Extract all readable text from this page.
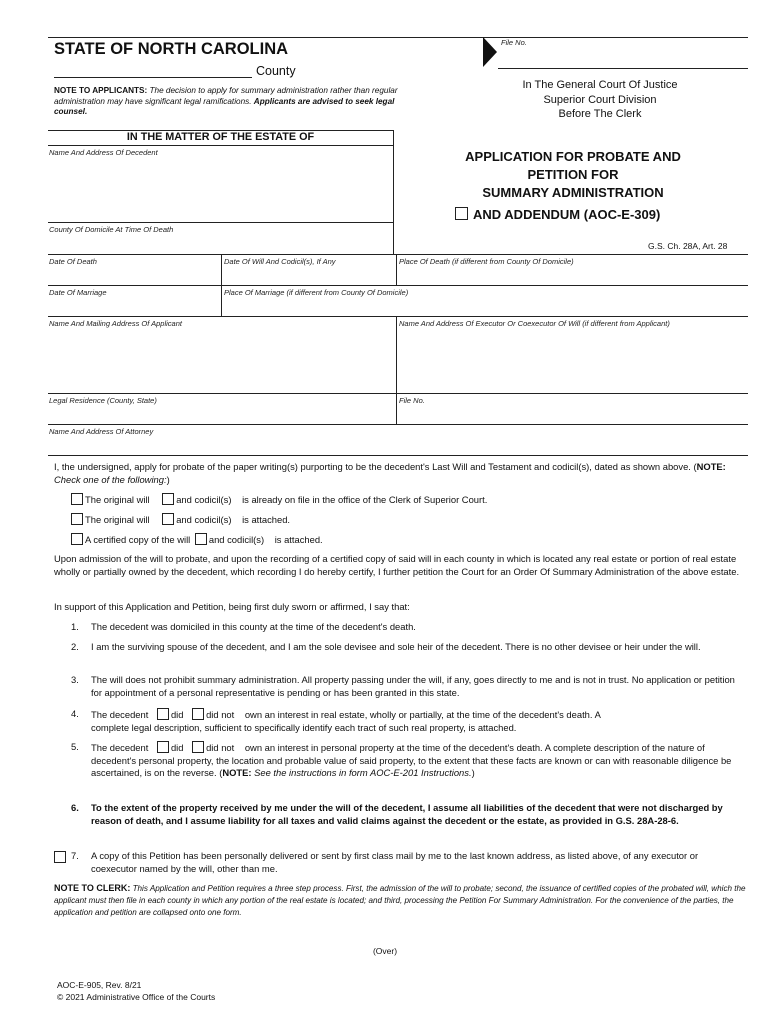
STATE OF NORTH CAROLINA	File No.
County
NOTE TO APPLICANTS: The decision to apply for summary administration rather than regular administration may have significant legal ramifications. Applicants are advised to seek legal counsel.
In The General Court Of Justice
Superior Court Division
Before The Clerk
IN THE MATTER OF THE ESTATE OF
Name And Address Of Decedent
County Of Domicile At Time Of Death
APPLICATION FOR PROBATE AND
PETITION FOR
SUMMARY ADMINISTRATION
AND ADDENDUM (AOC-E-309)
G.S. Ch. 28A, Art. 28
Date Of Death	Date Of Will And Codicil(s), If Any	Place Of Death (if different from County Of Domicile)
Date Of Marriage	Place Of Marriage (if different from County Of Domicile)
Name And Mailing Address Of Applicant	Name And Address Of Executor Or Coexecutor Of Will (if different from Applicant)
Legal Residence (County, State)	File No.
Name And Address Of Attorney
I, the undersigned, apply for probate of the paper writing(s) purporting to be the decedent's Last Will and Testament and codicil(s), dated as shown above. (NOTE: Check one of the following:)
The original will	and codicil(s) is already on file in the office of the Clerk of Superior Court.
The original will	and codicil(s) is attached.
A certified copy of the will and codicil(s) is attached.
Upon admission of the will to probate, and upon the recording of a certified copy of said will in each county in which is located any real estate or portion of real estate wholly or partially owned by the decedent, which recording I do hereby certify, I further petition the Court for an Order Of Summary Administration of the above estate.
In support of this Application and Petition, being first duly sworn or affirmed, I say that:
1. The decedent was domiciled in this county at the time of the decedent's death.
2. I am the surviving spouse of the decedent, and I am the sole devisee and sole heir of the decedent. There is no other devisee or heir under the will.
3. The will does not prohibit summary administration. All property passing under the will, if any, goes directly to me and is not in trust. No application or petition for appointment of a personal representative is pending or has been granted in this state.
4. The decedent did did not own an interest in real estate, wholly or partially, at the time of the decedent's death. A
complete legal description, sufficient to specifically identify each tract of such real property, is attached.
5. The decedent did did not own an interest in personal property at the time of the decedent's death. A complete description of the nature of decedent's personal property, the location and probable value of said property, to the extent that these facts are known or can with reasonable diligence be ascertained, is on the reverse. (NOTE: See the instructions in form AOC-E-201 Instructions.)
6. To the extent of the property received by me under the will of the decedent, I assume all liabilities of the decedent that were not discharged by reason of death, and I assume liability for all taxes and valid claims against the decedent or the estate, as provided in G.S. 28A-28-6.
7. A copy of this Petition has been personally delivered or sent by first class mail by me to the last known address, as listed above, of any executor or coexecutor named by the will, other than me.
NOTE TO CLERK: This Application and Petition requires a three step process. First, the admission of the will to probate; second, the issuance of certified copies of the probated will, which the applicant must then file in each county in which any portion of the real estate is located; and third, processing the Petition For Summary Administration. For the convenience of the parties, the application and petition are collapsed onto one form.
(Over)
AOC-E-905, Rev. 8/21
© 2021 Administrative Office of the Courts
